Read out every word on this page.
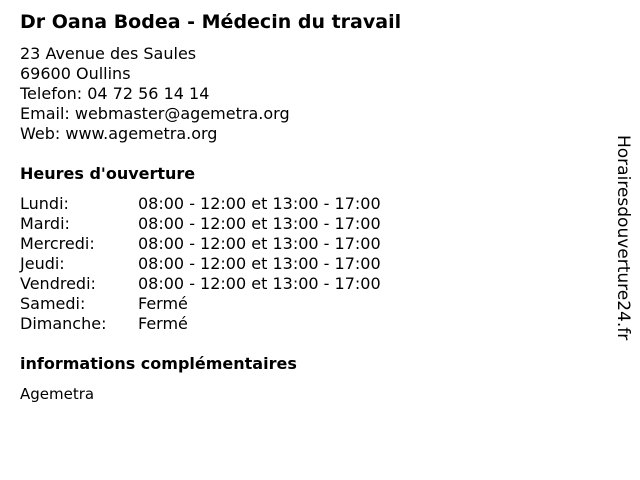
Dr Oana Bodea - Médecin du travail
23 Avenue des Saules
69600 Oullins
Telefon: 04 72 56 14 14
Email: webmaster@agemetra.org
Web: www.agemetra.org
Heures d'ouverture
Lundi:	08:00 - 12:00 et 13:00 - 17:00
Mardi:	08:00 - 12:00 et 13:00 - 17:00
Mercredi:	08:00 - 12:00 et 13:00 - 17:00
Jeudi:	08:00 - 12:00 et 13:00 - 17:00
Vendredi:	08:00 - 12:00 et 13:00 - 17:00
Samedi:	Fermé
Dimanche:	Fermé
informations complémentaires
Agemetra
Horairesdouverture24.fr
